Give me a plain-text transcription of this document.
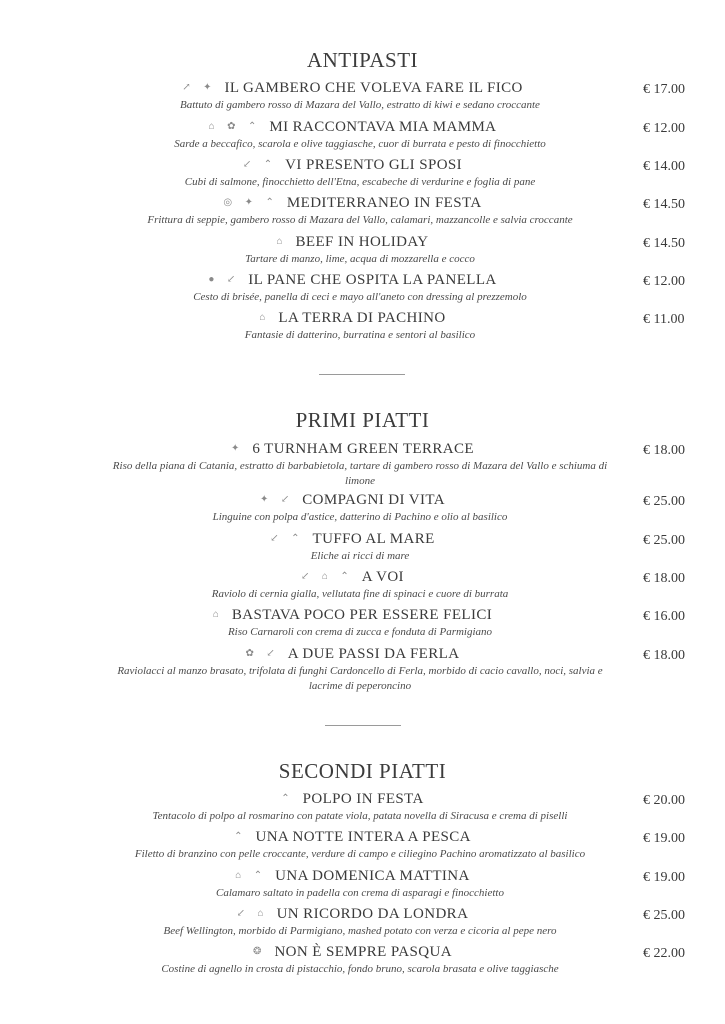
ANTIPASTI
↗ ✦ IL GAMBERO CHE VOLEVA FARE IL FICO
Battuto di gambero rosso di Mazara del Vallo, estratto di kiwi e sedano croccante
€ 17.00
⌂ ✿ ⌃ MI RACCONTAVA MIA MAMMA
Sarde a beccafico, scarola e olive taggiasche, cuor di burrata e pesto di finocchietto
€ 12.00
↙ ⌃ VI PRESENTO GLI SPOSI
Cubi di salmone, finocchietto dell'Etna, escabeche di verdurine e foglia di pane
€ 14.00
◎ ✦ ⌃ MEDITERRANEO IN FESTA
Frittura di seppie, gambero rosso di Mazara del Vallo, calamari, mazzancolle e salvia croccante
€ 14.50
⌂ BEEF IN HOLIDAY
Tartare di manzo, lime, acqua di mozzarella e cocco
€ 14.50
● ↙ IL PANE CHE OSPITA LA PANELLA
Cesto di brisée, panella di ceci e mayo all'aneto con dressing al prezzemolo
€ 12.00
⌂ LA TERRA DI PACHINO
Fantasie di datterino, burratina e sentori al basilico
€ 11.00
PRIMI PIATTI
✦ 6 TURNHAM GREEN TERRACE
Riso della piana di Catania, estratto di barbabietola, tartare di gambero rosso di Mazara del Vallo e schiuma di limone
€ 18.00
✦ ↙ COMPAGNI DI VITA
Linguine con polpa d'astice, datterino di Pachino e olio al basilico
€ 25.00
↙ ⌃ TUFFO AL MARE
Eliche ai ricci di mare
€ 25.00
↙ ⌂ ⌃ A VOI
Raviolo di cernia gialla, vellutata fine di spinaci e cuore di burrata
€ 18.00
⌂ BASTAVA POCO PER ESSERE FELICI
Riso Carnaroli con crema di zucca e fonduta di Parmigiano
€ 16.00
✿ ↙ A DUE PASSI DA FERLA
Raviolacci al manzo brasato, trifolata di funghi Cardoncello di Ferla, morbido di cacio cavallo, noci, salvia e lacrime di peperoncino
€ 18.00
SECONDI PIATTI
⌃ POLPO IN FESTA
Tentacolo di polpo al rosmarino con patate viola, patata novella di Siracusa e crema di piselli
€ 20.00
⌃ UNA NOTTE INTERA A PESCA
Filetto di branzino con pelle croccante, verdure di campo e ciliegino Pachino aromatizzato al basilico
€ 19.00
⌂ ⌃ UNA DOMENICA MATTINA
Calamaro saltato in padella con crema di asparagi e finocchietto
€ 19.00
↙ ⌂ UN RICORDO DA LONDRA
Beef Wellington, morbido di Parmigiano, mashed potato con verza e cicoria al pepe nero
€ 25.00
❂ NON È SEMPRE PASQUA
Costine di agnello in crosta di pistacchio, fondo bruno, scarola brasata e olive taggiasche
€ 22.00
